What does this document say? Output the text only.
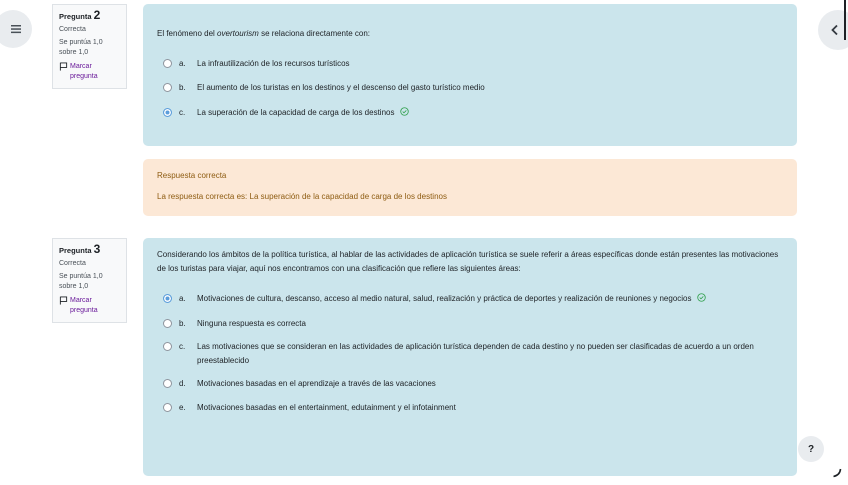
Pregunta 2
Correcta
Se puntúa 1,0 sobre 1,0
Marcar pregunta
El fenómeno del overtourism se relaciona directamente con:
a.	La infrautilización de los recursos turísticos
b.	El aumento de los turistas en los destinos y el descenso del gasto turístico medio
c.	La superación de la capacidad de carga de los destinos
Respuesta correcta
La respuesta correcta es: La superación de la capacidad de carga de los destinos
Pregunta 3
Correcta
Se puntúa 1,0 sobre 1,0
Marcar pregunta
Considerando los ámbitos de la política turística, al hablar de las actividades de aplicación turística se suele referir a áreas específicas donde están presentes las motivaciones de los turistas para viajar, aquí nos encontramos con una clasificación que refiere las siguientes áreas:
a.	Motivaciones de cultura, descanso, acceso al medio natural, salud, realización y práctica de deportes y realización de reuniones y negocios
b.	Ninguna respuesta es correcta
c.	Las motivaciones que se consideran en las actividades de aplicación turística dependen de cada destino y no pueden ser clasificadas de acuerdo a un orden preestablecido
d.	Motivaciones basadas en el aprendizaje a través de las vacaciones
e.	Motivaciones basadas en el entertainment, edutainment y el infotainment
?
